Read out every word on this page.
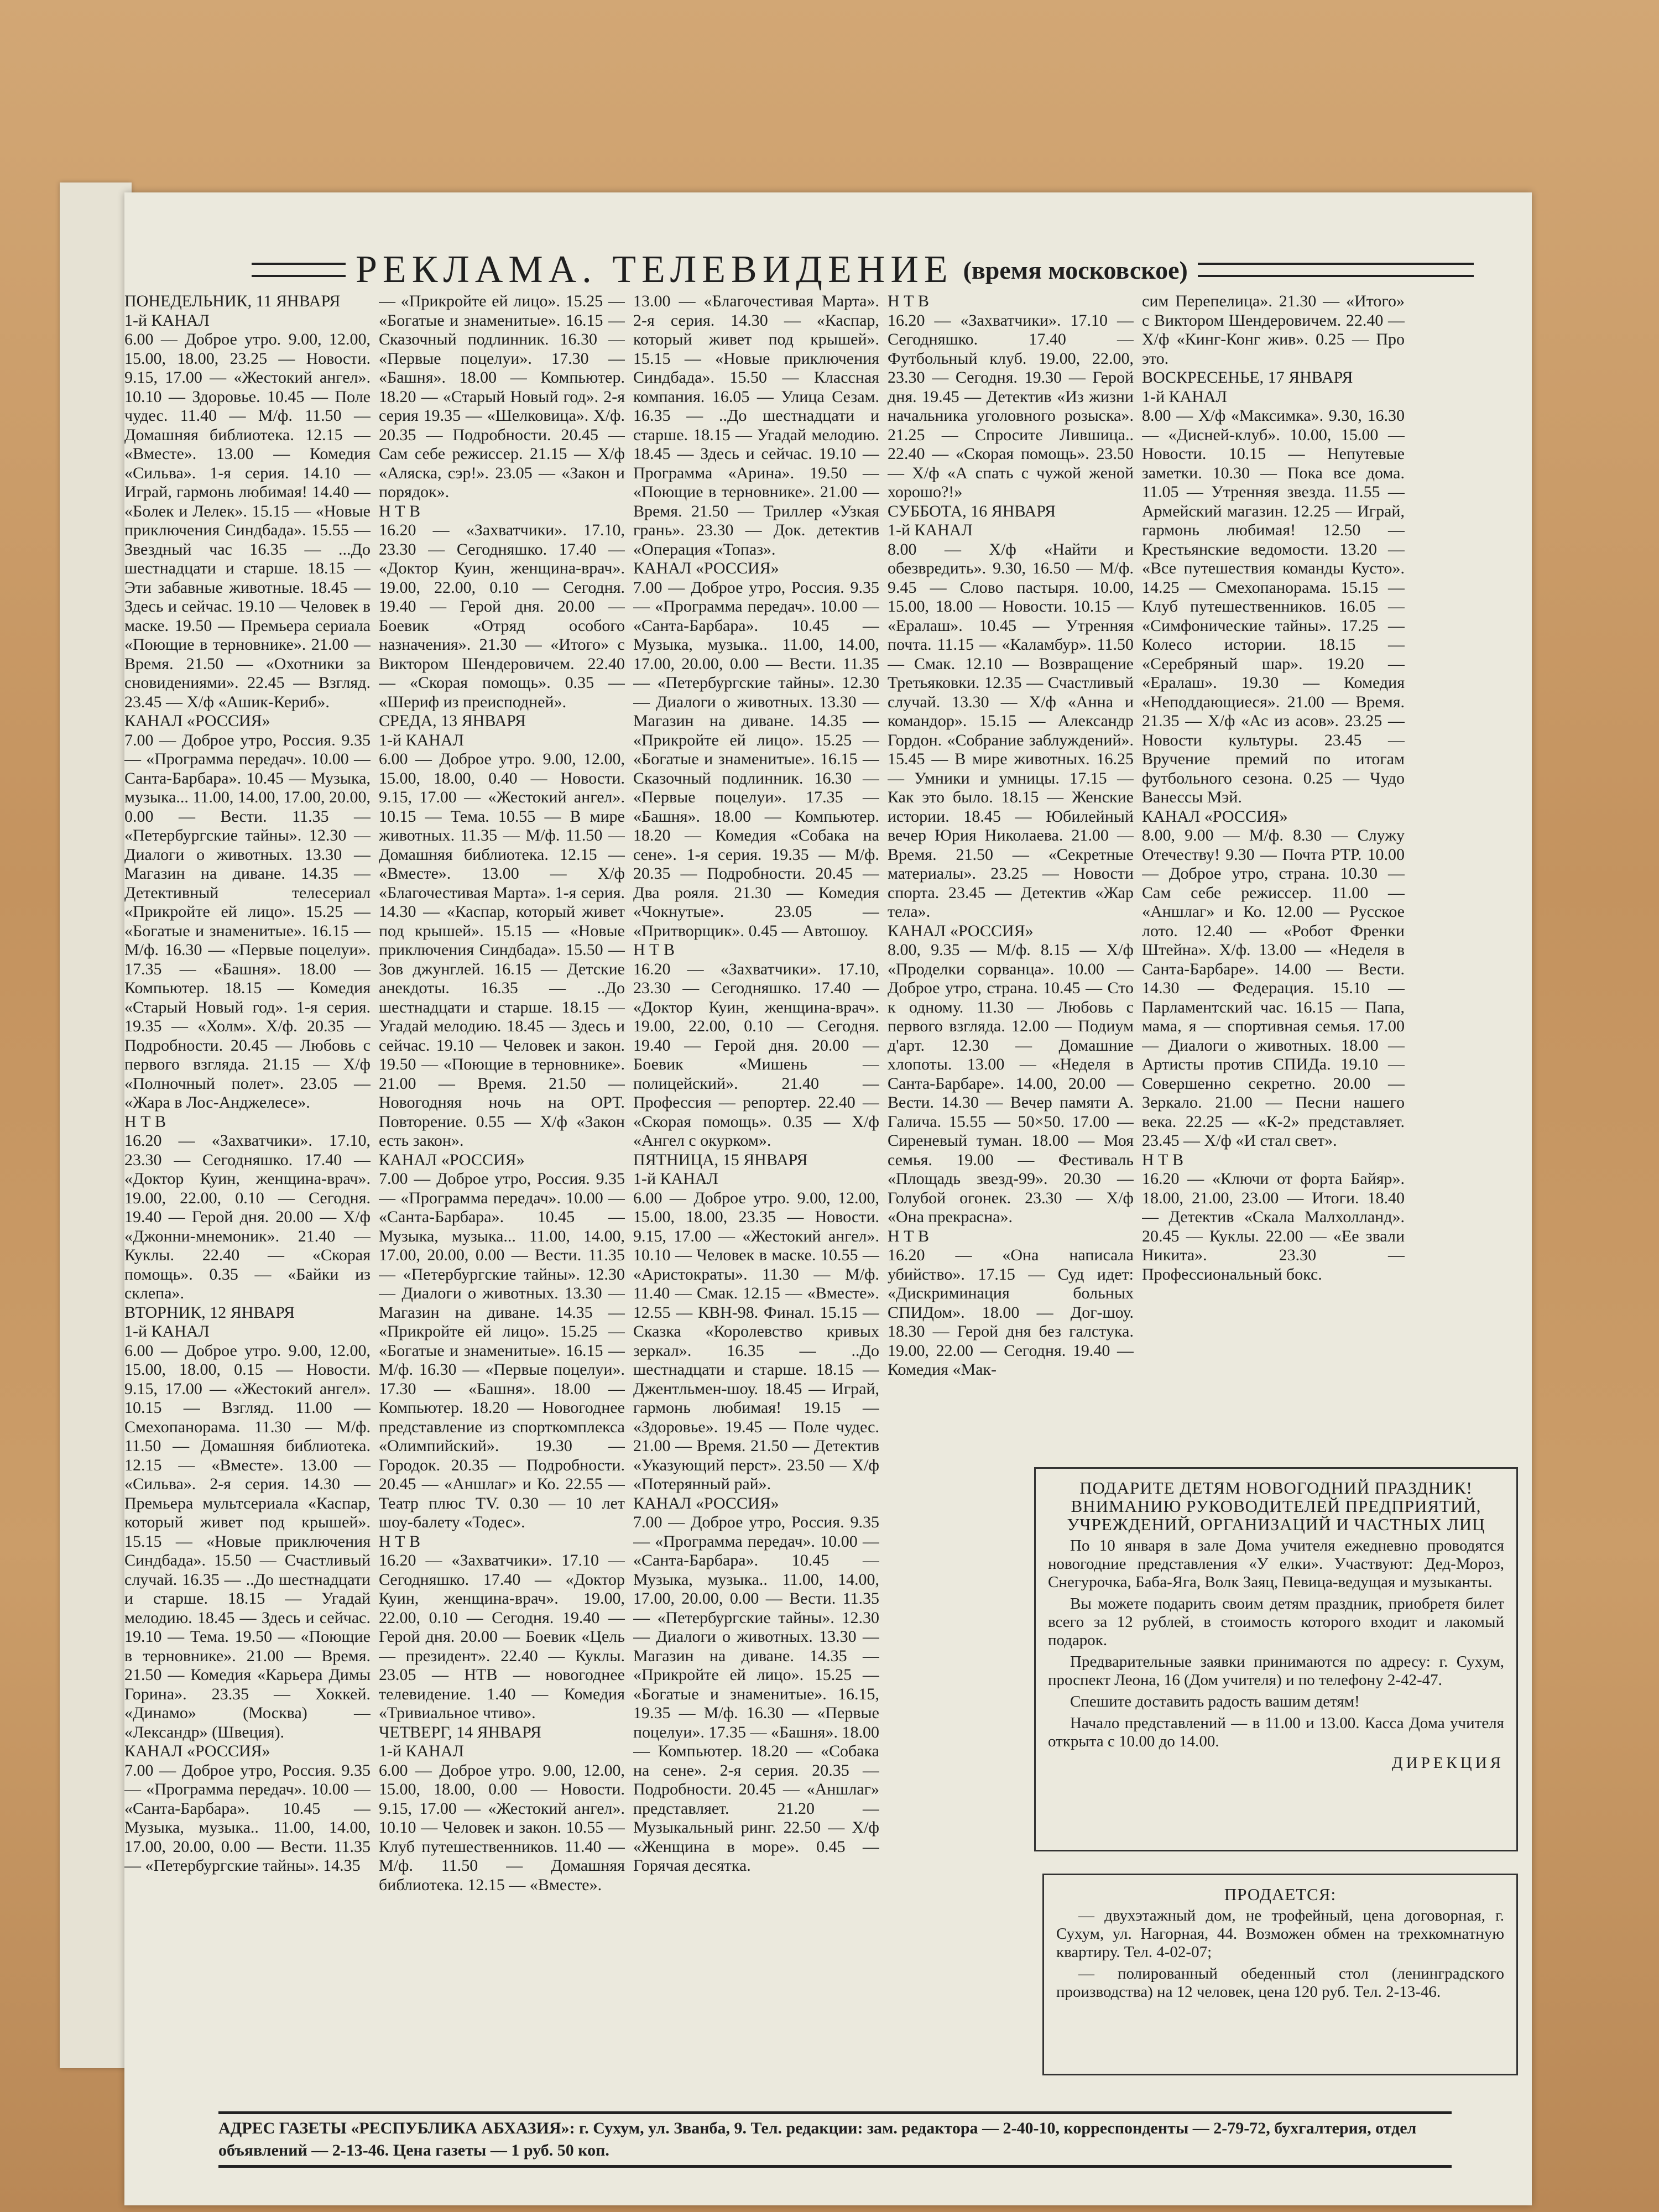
РЕКЛАМА. ТЕЛЕВИДЕНИЕ (время московское)

ПОНЕДЕЛЬНИК, 11 ЯНВАРЯ
1-й КАНАЛ
6.00 — Доброе утро. 9.00, 12.00, 15.00, 18.00, 23.25 — Новости. 9.15, 17.00 — «Жестокий ангел». 10.10 — Здоровье. 10.45 — Поле чудес. 11.40 — М/ф. 11.50 — Домашняя библиотека. 12.15 — «Вместе». 13.00 — Комедия «Сильва». 1-я серия. 14.10 — Играй, гармонь любимая! 14.40 — «Болек и Лелек». 15.15 — «Новые приключения Синдбада». 15.55 — Звездный час 16.35 — ...До шестнадцати и старше. 18.15 — Эти забавные животные. 18.45 — Здесь и сейчас. 19.10 — Человек в маске. 19.50 — Премьера сериала «Поющие в терновнике». 21.00 — Время. 21.50 — «Охотники за сновидениями». 22.45 — Взгляд. 23.45 — Х/ф «Ашик-Кериб».
КАНАЛ «РОССИЯ»
7.00 — Доброе утро, Россия. 9.35 — «Программа передач». 10.00 — Санта-Барбара». 10.45 — Музыка, музыка... 11.00, 14.00, 17.00, 20.00, 0.00 — Вести. 11.35 — «Петербургские тайны». 12.30 — Диалоги о животных. 13.30 — Магазин на диване. 14.35 — Детективный телесериал «Прикройте ей лицо». 15.25 — «Богатые и знаменитые». 16.15 — М/ф. 16.30 — «Первые поцелуи». 17.35 — «Башня». 18.00 — Компьютер. 18.15 — Комедия «Старый Новый год». 1-я серия. 19.35 — «Холм». Х/ф. 20.35 — Подробности. 20.45 — Любовь с первого взгляда. 21.15 — Х/ф «Полночный полет». 23.05 — «Жара в Лос-Анджелесе».
Н Т В
16.20 — «Захватчики». 17.10, 23.30 — Сегодняшко. 17.40 — «Доктор Куин, женщина-врач». 19.00, 22.00, 0.10 — Сегодня. 19.40 — Герой дня. 20.00 — Х/ф «Джонни-мнемоник». 21.40 — Куклы. 22.40 — «Скорая помощь». 0.35 — «Байки из склепа».
ВТОРНИК, 12 ЯНВАРЯ
1-й КАНАЛ
6.00 — Доброе утро. 9.00, 12.00, 15.00, 18.00, 0.15 — Новости. 9.15, 17.00 — «Жестокий ангел». 10.15 — Взгляд. 11.00 — Смехопанорама. 11.30 — М/ф. 11.50 — Домашняя библиотека. 12.15 — «Вместе». 13.00 — «Сильва». 2-я серия. 14.30 — Премьера мультсериала «Каспар, который живет под крышей». 15.15 — «Новые приключения Синдбада». 15.50 — Счастливый случай. 16.35 — ..До шестнадцати и старше. 18.15 — Угадай мелодию. 18.45 — Здесь и сейчас. 19.10 — Тема. 19.50 — «Поющие в терновнике». 21.00 — Время. 21.50 — Комедия «Карьера Димы Горина». 23.35 — Хоккей. «Динамо» (Москва) — «Лександр» (Швеция).
КАНАЛ «РОССИЯ»
7.00 — Доброе утро, Россия. 9.35 — «Программа передач». 10.00 — «Санта-Барбара». 10.45 — Музыка, музыка.. 11.00, 14.00, 17.00, 20.00, 0.00 — Вести. 11.35 — «Петербургские тайны». 14.35

— «Прикройте ей лицо». 15.25 — «Богатые и знаменитые». 16.15 — Сказочный подлинник. 16.30 — «Первые поцелуи». 17.30 — «Башня». 18.00 — Компьютер. 18.20 — «Старый Новый год». 2-я серия 19.35 — «Шелковица». Х/ф. 20.35 — Подробности. 20.45 — Сам себе режиссер. 21.15 — Х/ф «Аляска, сэр!». 23.05 — «Закон и порядок».
Н Т В
16.20 — «Захватчики». 17.10, 23.30 — Сегодняшко. 17.40 — «Доктор Куин, женщина-врач». 19.00, 22.00, 0.10 — Сегодня. 19.40 — Герой дня. 20.00 — Боевик «Отряд особого назначения». 21.30 — «Итого» с Виктором Шендеровичем. 22.40 — «Скорая помощь». 0.35 — «Шериф из преисподней».
СРЕДА, 13 ЯНВАРЯ
1-й КАНАЛ
6.00 — Доброе утро. 9.00, 12.00, 15.00, 18.00, 0.40 — Новости. 9.15, 17.00 — «Жестокий ангел». 10.15 — Тема. 10.55 — В мире животных. 11.35 — М/ф. 11.50 — Домашняя библиотека. 12.15 — «Вместе». 13.00 — Х/ф «Благочестивая Марта». 1-я серия. 14.30 — «Каспар, который живет под крышей». 15.15 — «Новые приключения Синдбада». 15.50 — Зов джунглей. 16.15 — Детские анекдоты. 16.35 — ..До шестнадцати и старше. 18.15 — Угадай мелодию. 18.45 — Здесь и сейчас. 19.10 — Человек и закон. 19.50 — «Поющие в терновнике». 21.00 — Время. 21.50 — Новогодняя ночь на ОРТ. Повторение. 0.55 — Х/ф «Закон есть закон».
КАНАЛ «РОССИЯ»
7.00 — Доброе утро, Россия. 9.35 — «Программа передач». 10.00 — «Санта-Барбара». 10.45 — Музыка, музыка... 11.00, 14.00, 17.00, 20.00, 0.00 — Вести. 11.35 — «Петербургские тайны». 12.30 — Диалоги о животных. 13.30 — Магазин на диване. 14.35 — «Прикройте ей лицо». 15.25 — «Богатые и знаменитые». 16.15 — М/ф. 16.30 — «Первые поцелуи». 17.30 — «Башня». 18.00 — Компьютер. 18.20 — Новогоднее представление из спорткомплекса «Олимпийский». 19.30 — Городок. 20.35 — Подробности. 20.45 — «Аншлаг» и Ко. 22.55 — Театр плюс TV. 0.30 — 10 лет шоу-балету «Тодес».
Н Т В
16.20 — «Захватчики». 17.10 — Сегодняшко. 17.40 — «Доктор Куин, женщина-врач». 19.00, 22.00, 0.10 — Сегодня. 19.40 — Герой дня. 20.00 — Боевик «Цель — президент». 22.40 — Куклы. 23.05 — НТВ — новогоднее телевидение. 1.40 — Комедия «Тривиальное чтиво».
ЧЕТВЕРГ, 14 ЯНВАРЯ
1-й КАНАЛ
6.00 — Доброе утро. 9.00, 12.00, 15.00, 18.00, 0.00 — Новости. 9.15, 17.00 — «Жестокий ангел». 10.10 — Человек и закон. 10.55 — Клуб путешественников. 11.40 — М/ф. 11.50 — Домашняя библиотека. 12.15 — «Вместе».

13.00 — «Благочестивая Марта». 2-я серия. 14.30 — «Каспар, который живет под крышей». 15.15 — «Новые приключения Синдбада». 15.50 — Классная компания. 16.05 — Улица Сезам. 16.35 — ..До шестнадцати и старше. 18.15 — Угадай мелодию. 18.45 — Здесь и сейчас. 19.10 — Программа «Арина». 19.50 — «Поющие в терновнике». 21.00 — Время. 21.50 — Триллер «Узкая грань». 23.30 — Док. детектив «Операция «Топаз».
КАНАЛ «РОССИЯ»
7.00 — Доброе утро, Россия. 9.35 — «Программа передач». 10.00 — «Санта-Барбара». 10.45 — Музыка, музыка.. 11.00, 14.00, 17.00, 20.00, 0.00 — Вести. 11.35 — «Петербургские тайны». 12.30 — Диалоги о животных. 13.30 — Магазин на диване. 14.35 — «Прикройте ей лицо». 15.25 — «Богатые и знаменитые». 16.15 — Сказочный подлинник. 16.30 — «Первые поцелуи». 17.35 — «Башня». 18.00 — Компьютер. 18.20 — Комедия «Собака на сене». 1-я серия. 19.35 — М/ф. 20.35 — Подробности. 20.45 — Два рояля. 21.30 — Комедия «Чокнутые». 23.05 — «Притворщик». 0.45 — Автошоу.
Н Т В
16.20 — «Захватчики». 17.10, 23.30 — Сегодняшко. 17.40 — «Доктор Куин, женщина-врач». 19.00, 22.00, 0.10 — Сегодня. 19.40 — Герой дня. 20.00 — Боевик «Мишень — полицейский». 21.40 — Профессия — репортер. 22.40 — «Скорая помощь». 0.35 — Х/ф «Ангел с окурком».
ПЯТНИЦА, 15 ЯНВАРЯ
1-й КАНАЛ
6.00 — Доброе утро. 9.00, 12.00, 15.00, 18.00, 23.35 — Новости. 9.15, 17.00 — «Жестокий ангел». 10.10 — Человек в маске. 10.55 — «Аристократы». 11.30 — М/ф. 11.40 — Смак. 12.15 — «Вместе». 12.55 — КВН-98. Финал. 15.15 — Сказка «Королевство кривых зеркал». 16.35 — ..До шестнадцати и старше. 18.15 — Джентльмен-шоу. 18.45 — Играй, гармонь любимая! 19.15 — «Здоровье». 19.45 — Поле чудес. 21.00 — Время. 21.50 — Детектив «Указующий перст». 23.50 — Х/ф «Потерянный рай».
КАНАЛ «РОССИЯ»
7.00 — Доброе утро, Россия. 9.35 — «Программа передач». 10.00 — «Санта-Барбара». 10.45 — Музыка, музыка.. 11.00, 14.00, 17.00, 20.00, 0.00 — Вести. 11.35 — «Петербургские тайны». 12.30 — Диалоги о животных. 13.30 — Магазин на диване. 14.35 — «Прикройте ей лицо». 15.25 — «Богатые и знаменитые». 16.15, 19.35 — М/ф. 16.30 — «Первые поцелуи». 17.35 — «Башня». 18.00 — Компьютер. 18.20 — «Собака на сене». 2-я серия. 20.35 — Подробности. 20.45 — «Аншлаг» представляет. 21.20 — Музыкальный ринг. 22.50 — Х/ф «Женщина в море». 0.45 — Горячая десятка.

Н Т В
16.20 — «Захватчики». 17.10 — Сегодняшко. 17.40 — Футбольный клуб. 19.00, 22.00, 23.30 — Сегодня. 19.30 — Герой дня. 19.45 — Детектив «Из жизни начальника уголовного розыска». 21.25 — Спросите Лившица.. 22.40 — «Скорая помощь». 23.50 — Х/ф «А спать с чужой женой хорошо?!»
СУББОТА, 16 ЯНВАРЯ
1-й КАНАЛ
8.00 — Х/ф «Найти и обезвредить». 9.30, 16.50 — М/ф. 9.45 — Слово пастыря. 10.00, 15.00, 18.00 — Новости. 10.15 — «Ералаш». 10.45 — Утренняя почта. 11.15 — «Каламбур». 11.50 — Смак. 12.10 — Возвращение Третьяковки. 12.35 — Счастливый случай. 13.30 — Х/ф «Анна и командор». 15.15 — Александр Гордон. «Собрание заблуждений». 15.45 — В мире животных. 16.25 — Умники и умницы. 17.15 — Как это было. 18.15 — Женские истории. 18.45 — Юбилейный вечер Юрия Николаева. 21.00 — Время. 21.50 — «Секретные материалы». 23.25 — Новости спорта. 23.45 — Детектив «Жар тела».
КАНАЛ «РОССИЯ»
8.00, 9.35 — М/ф. 8.15 — Х/ф «Проделки сорванца». 10.00 — Доброе утро, страна. 10.45 — Сто к одному. 11.30 — Любовь с первого взгляда. 12.00 — Подиум д'арт. 12.30 — Домашние хлопоты. 13.00 — «Неделя в Санта-Барбаре». 14.00, 20.00 — Вести. 14.30 — Вечер памяти А. Галича. 15.55 — 50×50. 17.00 — Сиреневый туман. 18.00 — Моя семья. 19.00 — Фестиваль «Площадь звезд-99». 20.30 — Голубой огонек. 23.30 — Х/ф «Она прекрасна».
Н Т В
16.20 — «Она написала убийство». 17.15 — Суд идет: «Дискриминация больных СПИДом». 18.00 — Дог-шоу. 18.30 — Герой дня без галстука. 19.00, 22.00 — Сегодня. 19.40 — Комедия «Мак-

сим Перепелица». 21.30 — «Итого» с Виктором Шендеровичем. 22.40 — Х/ф «Кинг-Конг жив». 0.25 — Про это.
ВОСКРЕСЕНЬЕ, 17 ЯНВАРЯ
1-й КАНАЛ
8.00 — Х/ф «Максимка». 9.30, 16.30 — «Дисней-клуб». 10.00, 15.00 — Новости. 10.15 — Непутевые заметки. 10.30 — Пока все дома. 11.05 — Утренняя звезда. 11.55 — Армейский магазин. 12.25 — Играй, гармонь любимая! 12.50 — Крестьянские ведомости. 13.20 — «Все путешествия команды Кусто». 14.25 — Смехопанорама. 15.15 — Клуб путешественников. 16.05 — «Симфонические тайны». 17.25 — Колесо истории. 18.15 — «Серебряный шар». 19.20 — «Ералаш». 19.30 — Комедия «Неподдающиеся». 21.00 — Время. 21.35 — Х/ф «Ас из асов». 23.25 — Новости культуры. 23.45 — Вручение премий по итогам футбольного сезона. 0.25 — Чудо Ванессы Мэй.
КАНАЛ «РОССИЯ»
8.00, 9.00 — М/ф. 8.30 — Служу Отечеству! 9.30 — Почта РТР. 10.00 — Доброе утро, страна. 10.30 — Сам себе режиссер. 11.00 — «Аншлаг» и Ко. 12.00 — Русское лото. 12.40 — «Робот Френки Штейна». Х/ф. 13.00 — «Неделя в Санта-Барбаре». 14.00 — Вести. 14.30 — Федерация. 15.10 — Парламентский час. 16.15 — Папа, мама, я — спортивная семья. 17.00 — Диалоги о животных. 18.00 — Артисты против СПИДа. 19.10 — Совершенно секретно. 20.00 — Зеркало. 21.00 — Песни нашего века. 22.25 — «К-2» представляет. 23.45 — Х/ф «И стал свет».
Н Т В
16.20 — «Ключи от форта Байяр». 18.00, 21.00, 23.00 — Итоги. 18.40 — Детектив «Скала Малхолланд». 20.45 — Куклы. 22.00 — «Ее звали Никита». 23.30 — Профессиональный бокс.

ПОДАРИТЕ ДЕТЯМ НОВОГОДНИЙ ПРАЗДНИК! ВНИМАНИЮ РУКОВОДИТЕЛЕЙ ПРЕДПРИЯТИЙ, УЧРЕЖДЕНИЙ, ОРГАНИЗАЦИЙ И ЧАСТНЫХ ЛИЦ

По 10 января в зале Дома учителя ежедневно проводятся новогодние представления «У елки». Участвуют: Дед-Мороз, Снегурочка, Баба-Яга, Волк Заяц, Певица-ведущая и музыканты.

Вы можете подарить своим детям праздник, приобретя билет всего за 12 рублей, в стоимость которого входит и лакомый подарок.

Предварительные заявки принимаются по адресу: г. Сухум, проспект Леона, 16 (Дом учителя) и по телефону 2-42-47.

Спешите доставить радость вашим детям!

Начало представлений — в 11.00 и 13.00. Касса Дома учителя открыта с 10.00 до 14.00.

ДИРЕКЦИЯ
ПРОДАЕТСЯ:

— двухэтажный дом, не трофейный, цена договорная, г. Сухум, ул. Нагорная, 44. Возможен обмен на трехкомнатную квартиру. Тел. 4-02-07;

— полированный обеденный стол (ленинградского производства) на 12 человек, цена 120 руб. Тел. 2-13-46.

АДРЕС ГАЗЕТЫ «РЕСПУБЛИКА АБХАЗИЯ»: г. Сухум, ул. Званба, 9. Тел. редакции: зам. редактора — 2-40-10, корреспонденты — 2-79-72, бухгалтерия, отдел объявлений — 2-13-46. Цена газеты — 1 руб. 50 коп.
